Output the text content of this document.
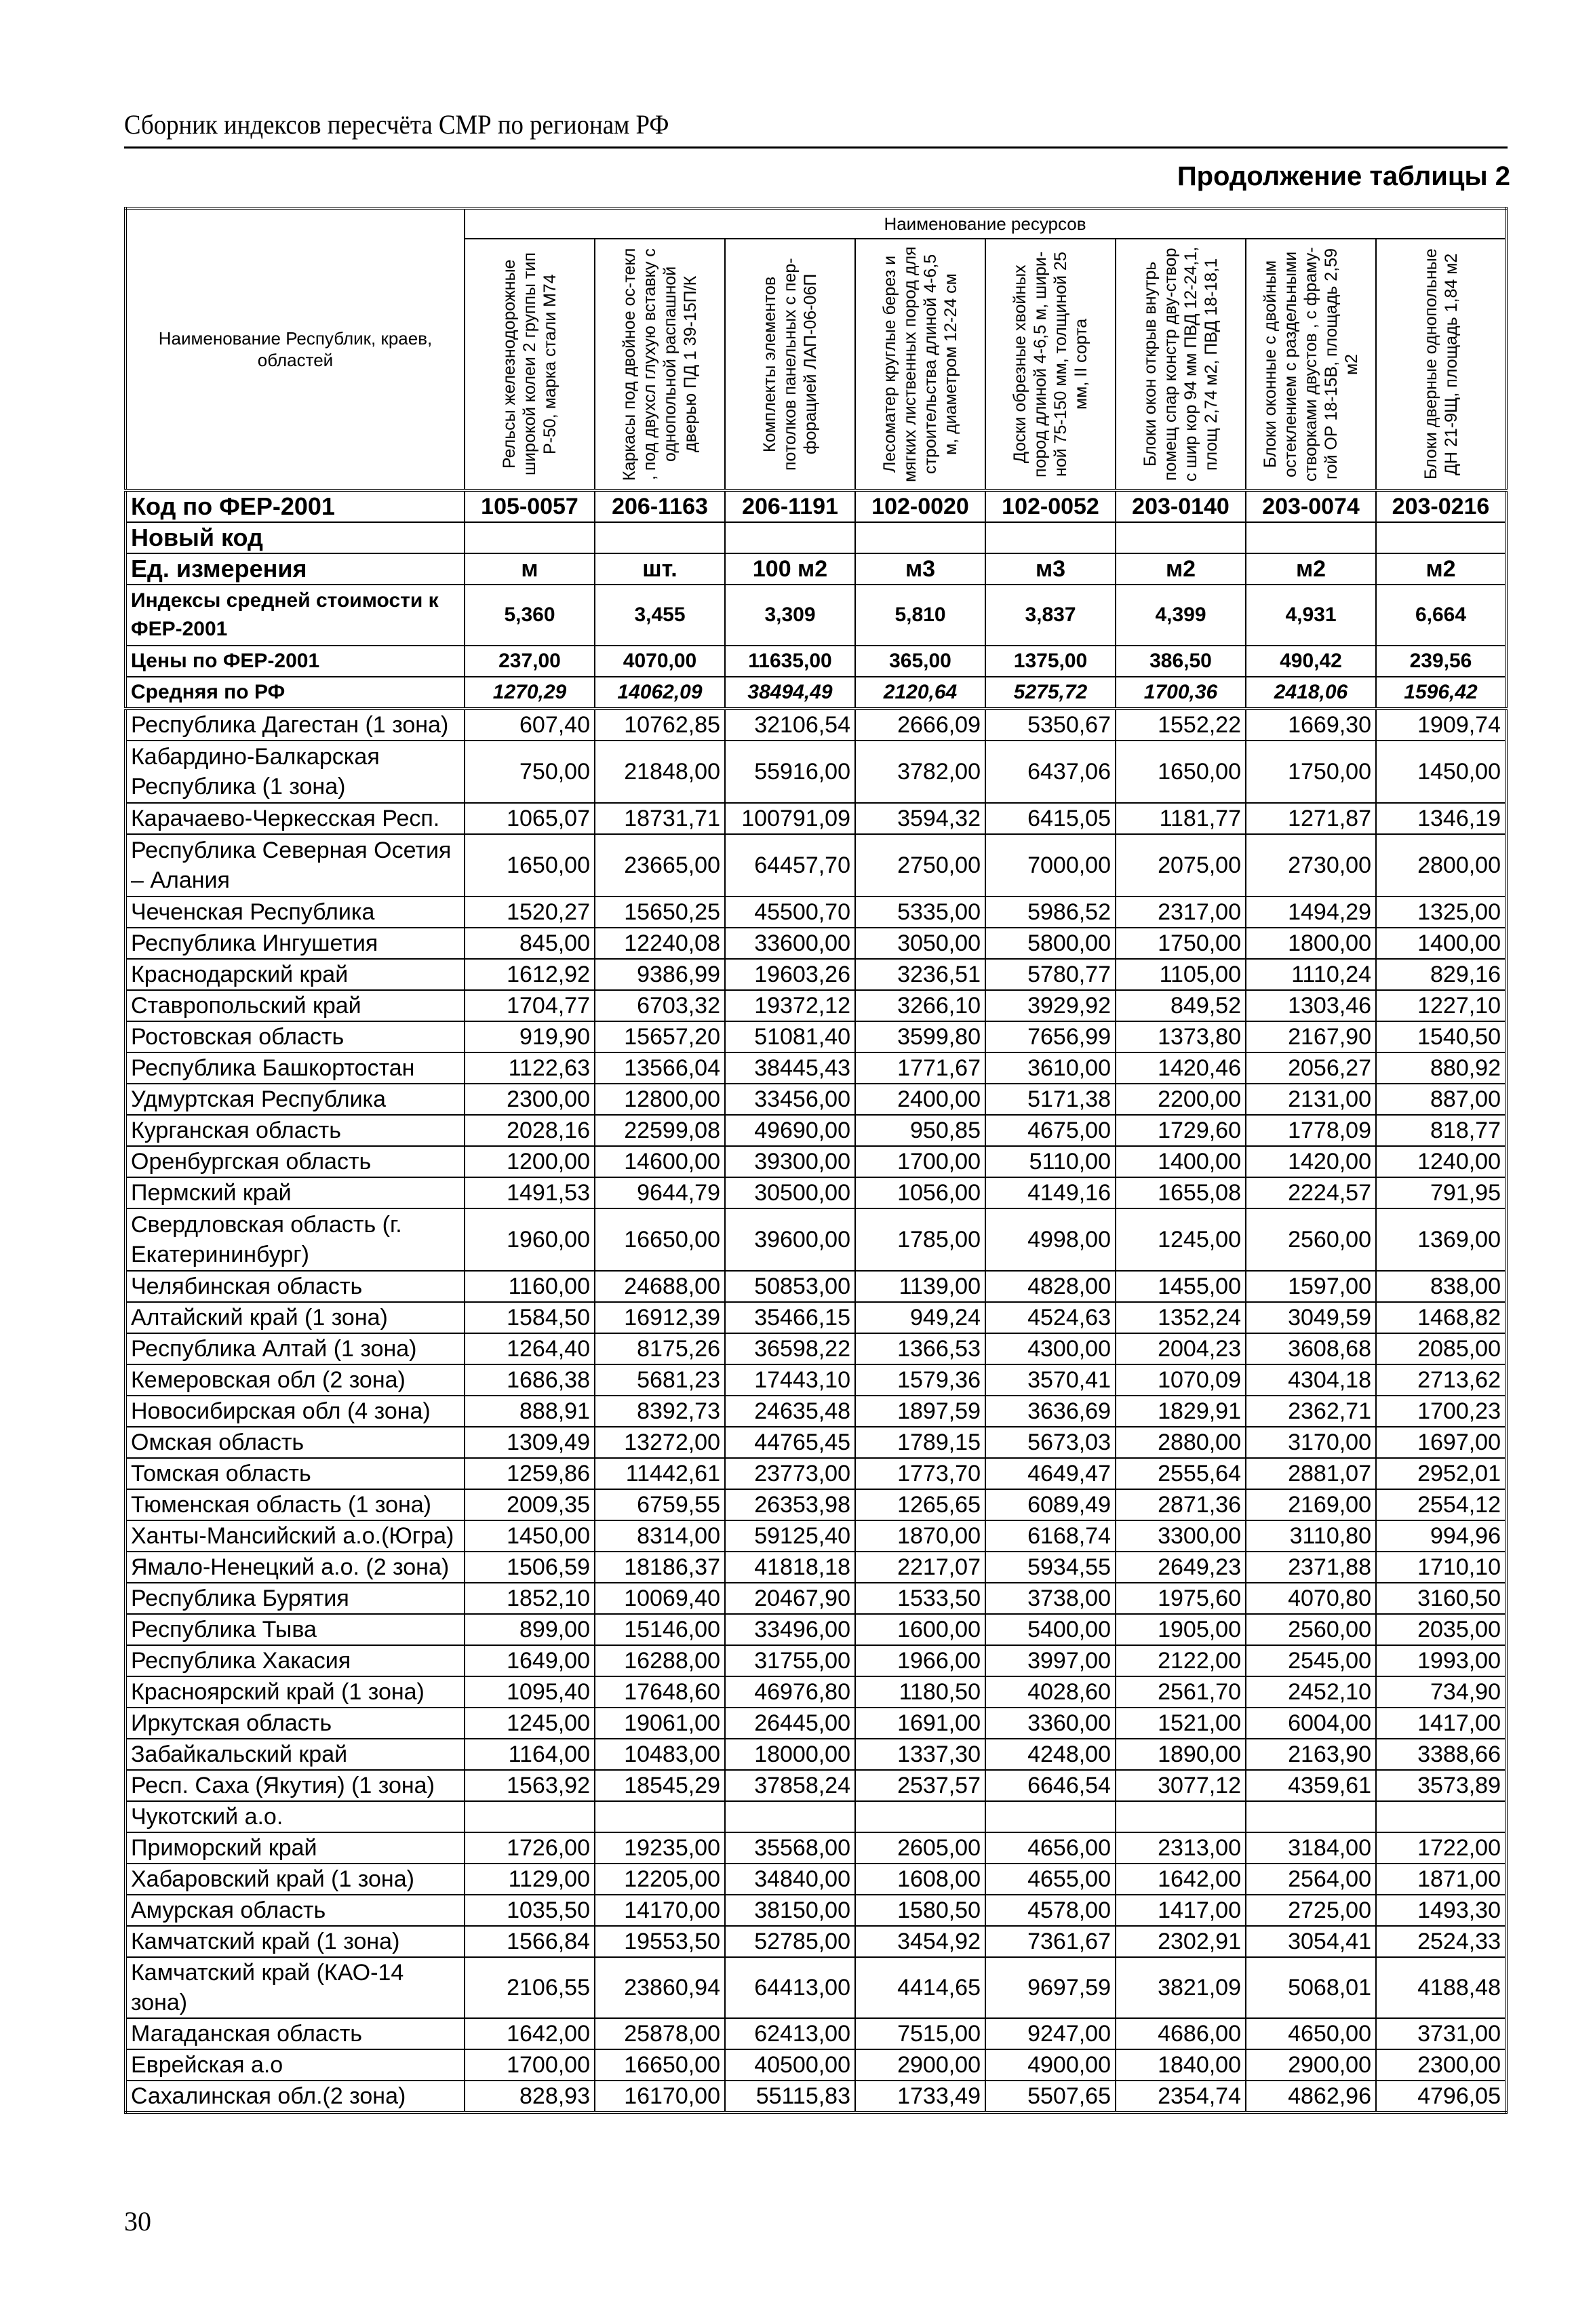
Сборник индексов пересчёта СМР по регионам РФ
Продолжение таблицы 2
Наименование Республик, краев, областей	Наименование ресурсов							

	Рельсы железнодорожные широкой колеи 2 группы тип Р-50, марка стали М74	Каркасы под двойное ос-текл , под двухсл глухую вставку с однопольной распашной дверью ПД 1 39-15П/К	Комплекты элементов потолков панельных с пер-форацией ЛАП-06-06П	Лесоматер круглые берез и мягких лиственных пород для строительства длиной 4-6,5 м, диаметром 12-24 см	Доски обрезные хвойных пород длиной 4-6,5 м, шири-ной 75-150 мм, толщиной 25 мм, II сорта	Блоки окон открыв внутрь помещ спар констр дву-створ с шир кор 94 мм ПВД 12-24,1, площ 2,74 м2, ПВД 18-18,1	Блоки оконные с двойным остеклением с раздельными створками двустов , с фраму-гой ОР 18-15В, площадь 2,59 м2	Блоки дверные однопольные ДН 21-9Щ, площадь 1,84 м2

Код по ФЕР-2001	105-0057	206-1163	206-1191	102-0020	102-0052	203-0140	203-0074	203-0216
Новый код								
Ед. измерения	м	шт.	100 м2	м3	м3	м2	м2	м2
Индексы средней стоимости к ФЕР-2001	5,360	3,455	3,309	5,810	3,837	4,399	4,931	6,664
Цены по ФЕР-2001	237,00	4070,00	11635,00	365,00	1375,00	386,50	490,42	239,56
Средняя по РФ	1270,29	14062,09	38494,49	2120,64	5275,72	1700,36	2418,06	1596,42
Республика Дагестан (1 зона)	607,40	10762,85	32106,54	2666,09	5350,67	1552,22	1669,30	1909,74
Кабардино-Балкарская Республика (1 зона)	750,00	21848,00	55916,00	3782,00	6437,06	1650,00	1750,00	1450,00
Карачаево-Черкесская Респ.	1065,07	18731,71	100791,09	3594,32	6415,05	1181,77	1271,87	1346,19
Республика Северная Осетия – Алания	1650,00	23665,00	64457,70	2750,00	7000,00	2075,00	2730,00	2800,00
Чеченская Республика	1520,27	15650,25	45500,70	5335,00	5986,52	2317,00	1494,29	1325,00
Республика Ингушетия	845,00	12240,08	33600,00	3050,00	5800,00	1750,00	1800,00	1400,00
Краснодарский край	1612,92	9386,99	19603,26	3236,51	5780,77	1105,00	1110,24	829,16
Ставропольский край	1704,77	6703,32	19372,12	3266,10	3929,92	849,52	1303,46	1227,10
Ростовская область	919,90	15657,20	51081,40	3599,80	7656,99	1373,80	2167,90	1540,50
Республика Башкортостан	1122,63	13566,04	38445,43	1771,67	3610,00	1420,46	2056,27	880,92
Удмуртская Республика	2300,00	12800,00	33456,00	2400,00	5171,38	2200,00	2131,00	887,00
Курганская область	2028,16	22599,08	49690,00	950,85	4675,00	1729,60	1778,09	818,77
Оренбургская область	1200,00	14600,00	39300,00	1700,00	5110,00	1400,00	1420,00	1240,00
Пермский край	1491,53	9644,79	30500,00	1056,00	4149,16	1655,08	2224,57	791,95
Свердловская область (г. Екатерининбург)	1960,00	16650,00	39600,00	1785,00	4998,00	1245,00	2560,00	1369,00
Челябинская область	1160,00	24688,00	50853,00	1139,00	4828,00	1455,00	1597,00	838,00
Алтайский край (1 зона)	1584,50	16912,39	35466,15	949,24	4524,63	1352,24	3049,59	1468,82
Республика Алтай (1 зона)	1264,40	8175,26	36598,22	1366,53	4300,00	2004,23	3608,68	2085,00
Кемеровская обл (2 зона)	1686,38	5681,23	17443,10	1579,36	3570,41	1070,09	4304,18	2713,62
Новосибирская обл (4 зона)	888,91	8392,73	24635,48	1897,59	3636,69	1829,91	2362,71	1700,23
Омская область	1309,49	13272,00	44765,45	1789,15	5673,03	2880,00	3170,00	1697,00
Томская область	1259,86	11442,61	23773,00	1773,70	4649,47	2555,64	2881,07	2952,01
Тюменская область (1 зона)	2009,35	6759,55	26353,98	1265,65	6089,49	2871,36	2169,00	2554,12
Ханты-Мансийский а.о.(Югра)	1450,00	8314,00	59125,40	1870,00	6168,74	3300,00	3110,80	994,96
Ямало-Ненецкий а.о. (2 зона)	1506,59	18186,37	41818,18	2217,07	5934,55	2649,23	2371,88	1710,10
Республика Бурятия	1852,10	10069,40	20467,90	1533,50	3738,00	1975,60	4070,80	3160,50
Республика Тыва	899,00	15146,00	33496,00	1600,00	5400,00	1905,00	2560,00	2035,00
Республика Хакасия	1649,00	16288,00	31755,00	1966,00	3997,00	2122,00	2545,00	1993,00
Красноярский край (1 зона)	1095,40	17648,60	46976,80	1180,50	4028,60	2561,70	2452,10	734,90
Иркутская область	1245,00	19061,00	26445,00	1691,00	3360,00	1521,00	6004,00	1417,00
Забайкальский край	1164,00	10483,00	18000,00	1337,30	4248,00	1890,00	2163,90	3388,66
Респ. Саха (Якутия) (1 зона)	1563,92	18545,29	37858,24	2537,57	6646,54	3077,12	4359,61	3573,89
Чукотский а.о.								
Приморский край	1726,00	19235,00	35568,00	2605,00	4656,00	2313,00	3184,00	1722,00
Хабаровский край (1 зона)	1129,00	12205,00	34840,00	1608,00	4655,00	1642,00	2564,00	1871,00
Амурская область	1035,50	14170,00	38150,00	1580,50	4578,00	1417,00	2725,00	1493,30
Камчатский край (1 зона)	1566,84	19553,50	52785,00	3454,92	7361,67	2302,91	3054,41	2524,33
Камчатский край (КАО-14 зона)	2106,55	23860,94	64413,00	4414,65	9697,59	3821,09	5068,01	4188,48
Магаданская область	1642,00	25878,00	62413,00	7515,00	9247,00	4686,00	4650,00	3731,00
Еврейская а.о	1700,00	16650,00	40500,00	2900,00	4900,00	1840,00	2900,00	2300,00
Сахалинская обл.(2 зона)	828,93	16170,00	55115,83	1733,49	5507,65	2354,74	4862,96	4796,05
30
